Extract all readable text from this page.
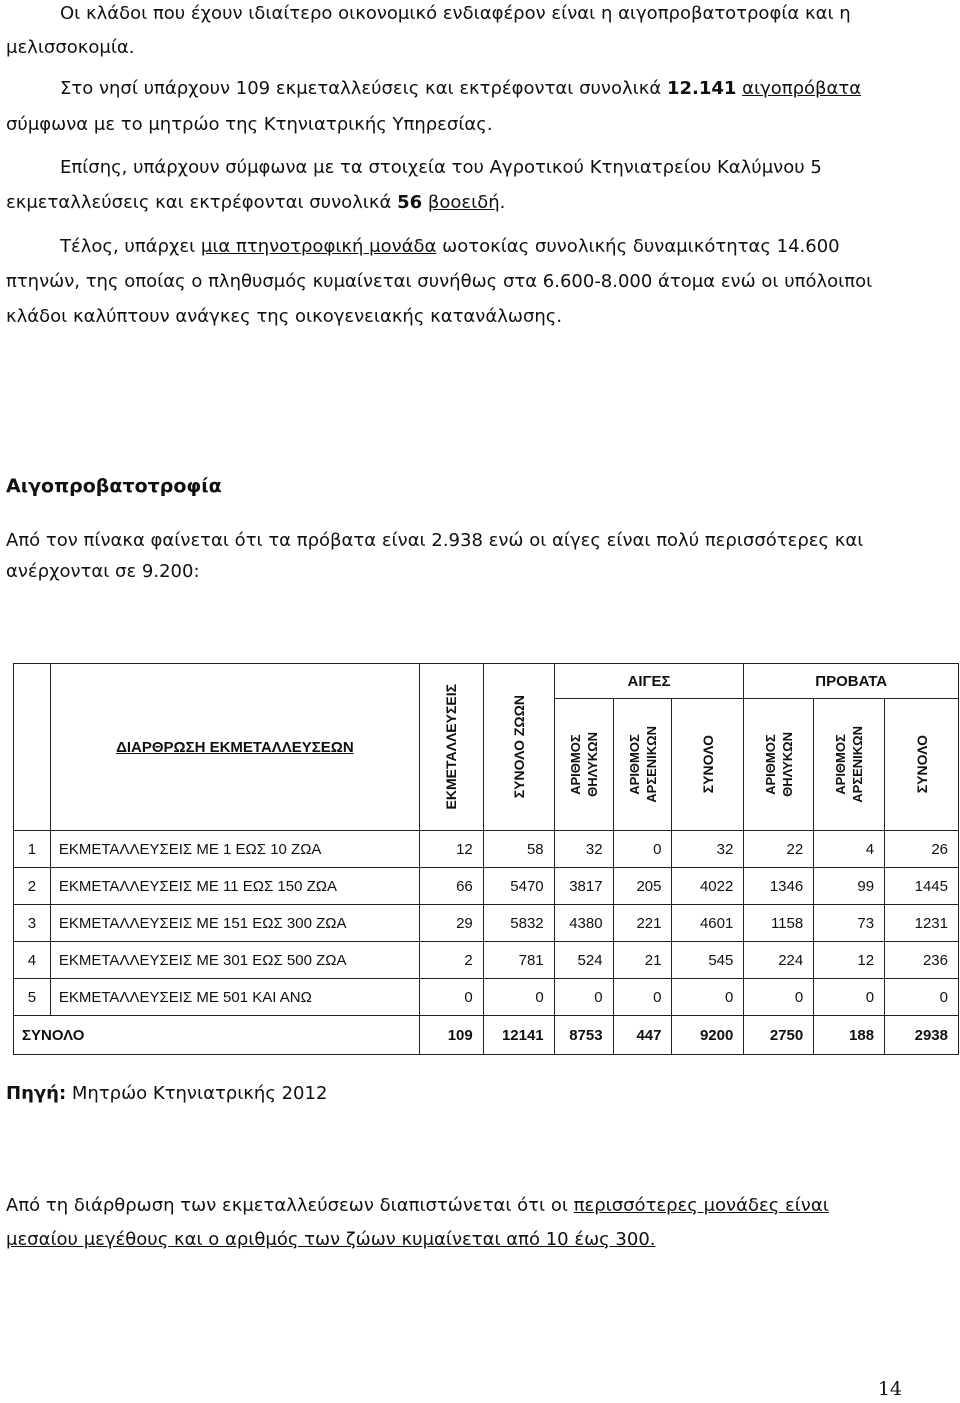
Οι κλάδοι που έχουν ιδιαίτερο οικονομικό ενδιαφέρον είναι η αιγοπροβατοτροφία και η

μελισσοκομία.

Στο νησί υπάρχουν 109 εκμεταλλεύσεις και εκτρέφονται συνολικά 12.141 αιγοπρόβατα

σύμφωνα με το μητρώο της Κτηνιατρικής Υπηρεσίας.

Επίσης, υπάρχουν σύμφωνα με τα στοιχεία του Αγροτικού Κτηνιατρείου Καλύμνου 5

εκμεταλλεύσεις και εκτρέφονται συνολικά 56 βοοειδή.

Τέλος, υπάρχει μια πτηνοτροφική μονάδα ωοτοκίας συνολικής δυναμικότητας 14.600

πτηνών, της οποίας ο πληθυσμός κυμαίνεται συνήθως στα 6.600-8.000 άτομα ενώ οι υπόλοιποι

κλάδοι καλύπτουν ανάγκες της οικογενειακής κατανάλωσης.

Αιγοπροβατοτροφία

Από τον πίνακα φαίνεται ότι τα πρόβατα είναι 2.938 ενώ οι αίγες είναι πολύ περισσότερες και

ανέρχονται σε 9.200:

	ΔΙΑΡΘΡΩΣΗ ΕΚΜΕΤΑΛΛΕΥΣΕΩΝ	ΕΚΜΕΤΑΛΛΕΥΣΕΙΣ	ΣΥΝΟΛΟ ΖΩΩΝ	ΑΙΓΕΣ			ΠΡΟΒΑΤΑ		

				ΑΡΙΘΜΟΣ
ΘΗΛΥΚΩΝ	ΑΡΙΘΜΟΣ
ΑΡΣΕΝΙΚΩΝ	ΣΥΝΟΛΟ	ΑΡΙΘΜΟΣ
ΘΗΛΥΚΩΝ	ΑΡΙΘΜΟΣ
ΑΡΣΕΝΙΚΩΝ	ΣΥΝΟΛΟ

1	ΕΚΜΕΤΑΛΛΕΥΣΕΙΣ ΜΕ 1 ΕΩΣ 10 ΖΩΑ	12	58	32	0	32	22	4	26
2	ΕΚΜΕΤΑΛΛΕΥΣΕΙΣ ΜΕ 11 ΕΩΣ 150 ΖΩΑ	66	5470	3817	205	4022	1346	99	1445
3	ΕΚΜΕΤΑΛΛΕΥΣΕΙΣ ΜΕ 151 ΕΩΣ 300 ΖΩΑ	29	5832	4380	221	4601	1158	73	1231
4	ΕΚΜΕΤΑΛΛΕΥΣΕΙΣ ΜΕ 301 ΕΩΣ 500 ΖΩΑ	2	781	524	21	545	224	12	236
5	ΕΚΜΕΤΑΛΛΕΥΣΕΙΣ ΜΕ 501 ΚΑΙ ΑΝΩ	0	0	0	0	0	0	0	0
ΣΥΝΟΛΟ		109	12141	8753	447	9200	2750	188	2938

Πηγή: Μητρώο Κτηνιατρικής 2012

Από τη διάρθρωση των εκμεταλλεύσεων διαπιστώνεται ότι οι περισσότερες μονάδες είναι

μεσαίου μεγέθους και ο αριθμός των ζώων κυμαίνεται από 10 έως 300.

14
